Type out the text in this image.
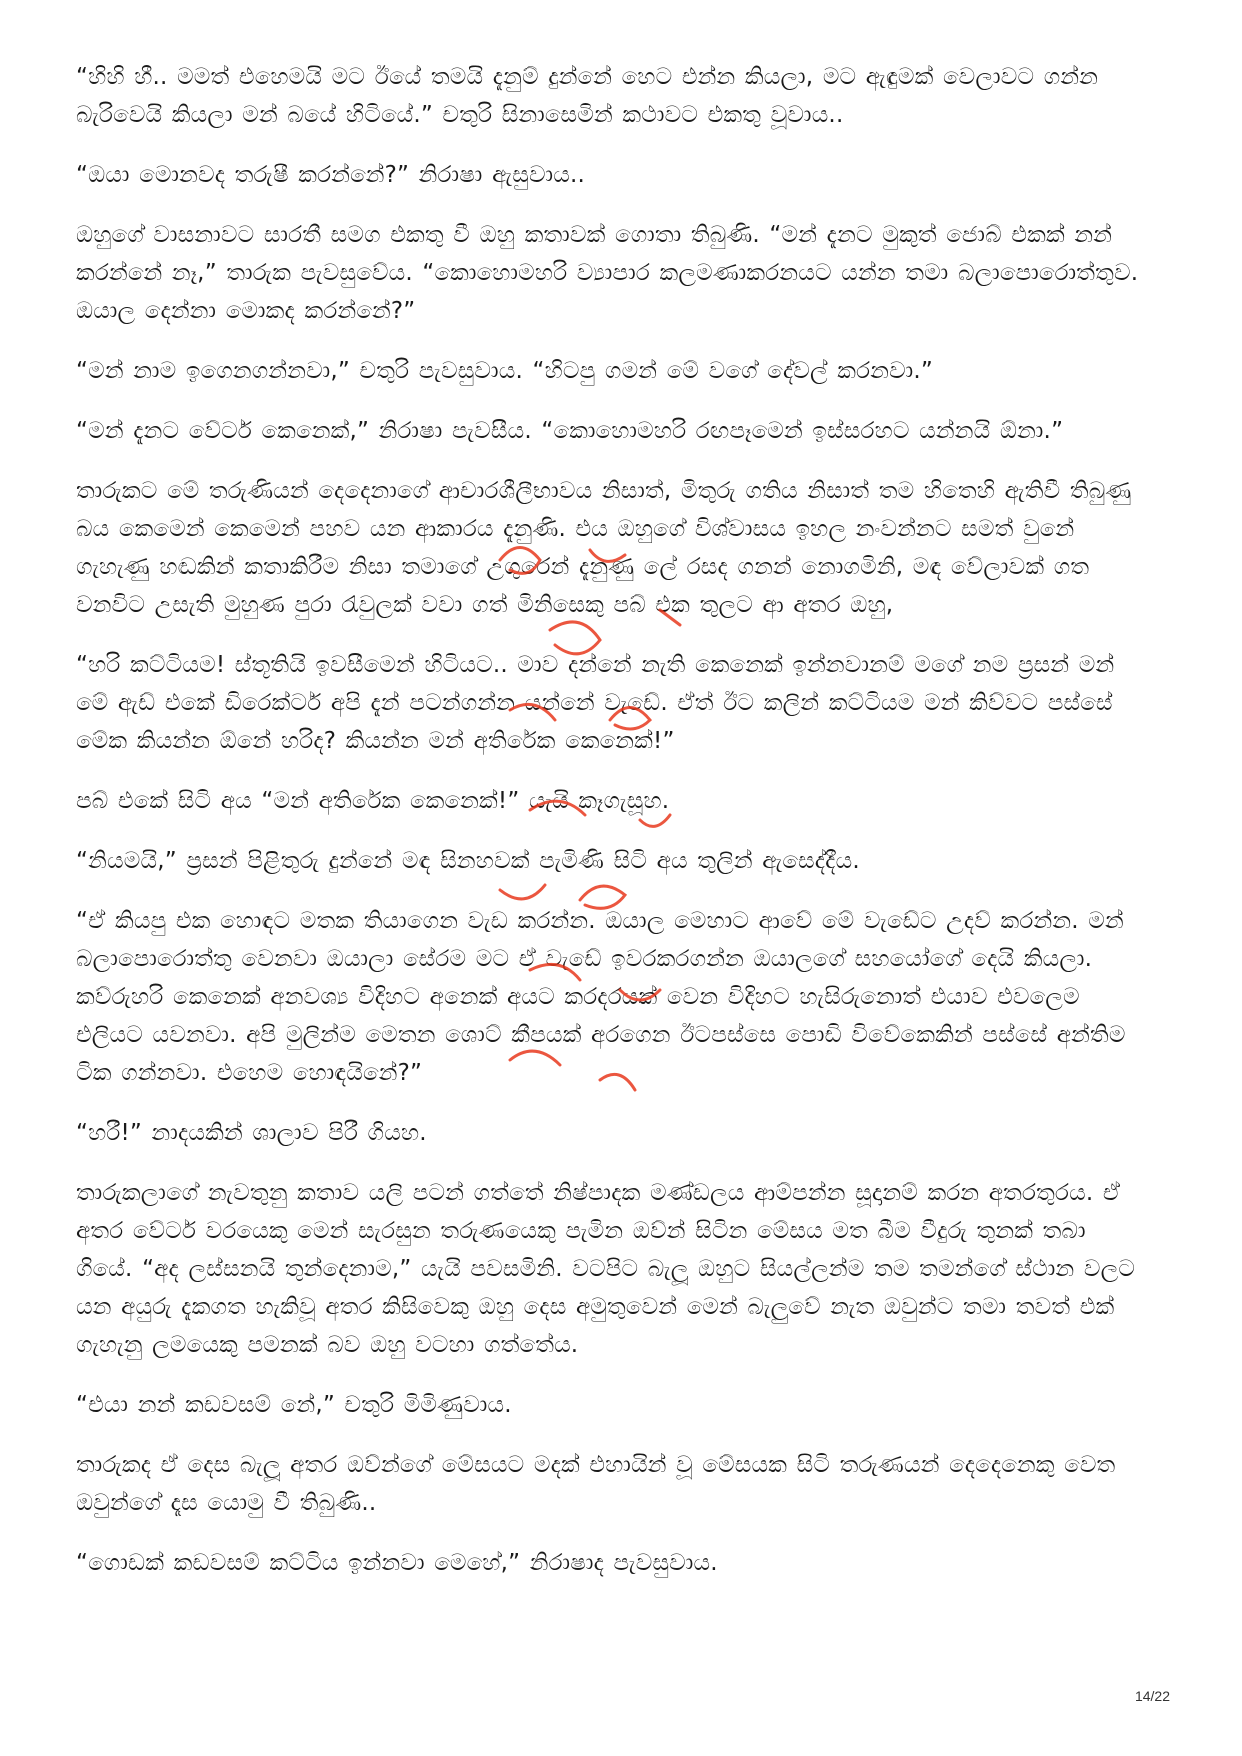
“හිහි හී.. මමත් එහෙමයි මට ඊයේ තමයි දැනුම් දුන්නේ හෙට එන්න කියලා, මට ඇඳුමක් වෙලාවට ගන්න බැරිවෙයි කියලා මන් බයේ හිටියේ.” චතුරි සිනාසෙමින් කථාවට එකතු වූවාය..

“ඔයා මොනවද තරුෂී කරන්නේ?” නිරාෂා ඇසුවාය..

ඔහුගේ වාසනාවට සාරතී සමග එකතු වී ඔහු කතාවක් ගොතා තිබුණි. “මන් දැනට මුකුත් ජොබ් එකක් නන් කරන්නේ නෑ,” තාරුක පැවසුවේය. “කොහොමහරි ව්‍යාපාර කලමණාකරනයට යන්න තමා බලාපොරොත්තුව. ඔයාල දෙන්නා මොකද කරන්නේ?”

“මන් නාම ඉගෙනගන්නවා,” චතුරි පැවසුවාය. “හිටපු ගමන් මේ වගේ දේවල් කරනවා.”

“මන් දැනට වේටර් කෙනෙක්,” නිරාෂා පැවසීය. “කොහොමහරි රඟපෑමෙන් ඉස්සරහට යන්නයි ඕනා.”

තාරුකට මේ තරුණියන් දෙදෙනාගේ ආචාරශීලීභාවය නිසාත්, මිතුරු ගතිය නිසාත් තම හිතෙහි ඇතිවී තිබුණු බය කෙමෙන් කෙමෙන් පහව යන ආකාරය දැනුණි. එය ඔහුගේ විශ්වාසය ඉහල නංවන්නට සමත් වුනේ ගැහැණු හඬකින් කතාකිරීම නිසා තමාගේ උගුරෙන් දැනුණු ලේ රසද ගනන් නොගමිනි, මඳ වේලාවක් ගත වනවිට උසැති මුහුණ පුරා රැවුලක් වවා ගත් මිනිසෙකු පබ් එක තුලට ආ අතර ඔහු,

“හරි කට්ටියම! ස්තූතියි ඉවසීමෙන් හිටියට.. මාව දන්නේ නැති කෙනෙක් ඉන්නවානම් මගේ නම ප්‍රසන් මන් මේ ඇඩ් එකේ ඩිරෙක්ටර් අපි දැන් පටන්ගන්න යන්නේ වැඩේ. ඒත් ඊට කලින් කට්ටියම මන් කිව්වට පස්සේ මේක කියන්න ඕනේ හරිද? කියන්න මන් අතිරේක කෙනෙක්!”

පබ් එකේ සිටි අය “මන් අතිරේක කෙනෙක්!” යැයි කෑගැසූහ.

“නියමයි,” ප්‍රසන් පිළිතුරු දුන්නේ මඳ සිනහවක් පැමිණි සිටි අය තුලින් ඇසෙද්දීය.

“ඒ කියපු එක හොඳට මතක තියාගෙන වැඩ කරන්න. ඔයාල මෙහාට ආවේ මේ වැඩේට උදව් කරන්න. මන් බලාපොරොත්තු වෙනවා ඔයාලා සේරම මට ඒ වැඩේ ඉවරකරගන්න ඔයාලගේ සහයෝගේ දෙයි කියලා. කව්රුහරි කෙනෙක් අනවශ්‍ය විදිහට අනෙක් අයට කරදරයක් වෙන විදිහට හැසිරුනොත් එයාව එවලෙම එලියට යවනවා. අපි මුලින්ම මෙතන ශොට් කීපයක් අරගෙන ඊටපස්සෙ පොඩි විවේකෙකින් පස්සේ අන්තිම ටික ගන්නවා. එහෙම හොඳයිනේ?”

“හරී!” නාදයකින් ශාලාව පිරී ගියහ.

තාරුකලාගේ නැවතුනු කතාව යලි පටන් ගත්තේ නිෂ්පාදක මණ්ඩලය ආම්පන්න සූදානම් කරන අතරතුරය. ඒ අතර වේටර් වරයෙකු මෙන් සැරසුන තරුණයෙකු පැමින ඔව්න් සිටින මේසය මත බීම වීදුරු තුනක් තබා ගියේ. “අද ලස්සනයි තුන්දෙනාම,” යැයි පවසමිනි. වටපිට බැලූ ඔහුට සියල්ලන්ම තම තමන්ගේ ස්ථාන වලට යන අයුරු දැකගත හැකිවූ අතර කිසිවෙකු ඔහු දෙස අමුතුවෙන් මෙන් බැලුවේ නැත ඔවුන්ට තමා තවත් එක් ගැහැනු ලමයෙකු පමනක් බව ඔහු වටහා ගත්තේය.

“එයා නන් කඩවසම් නේ,” චතුරි මිමිණුවාය.

තාරුකද ඒ දෙස බැලූ අතර ඔව්න්ගේ මේසයට මදක් එහායින් වූ මේසයක සිටි තරුණයන් දෙදෙනෙකු වෙත ඔවුන්ගේ දෑස යොමු වී තිබුණි..

“ගොඩක් කඩවසම් කට්ටිය ඉන්නවා මෙහේ,” නිරාෂාද පැවසුවාය.

14/22
